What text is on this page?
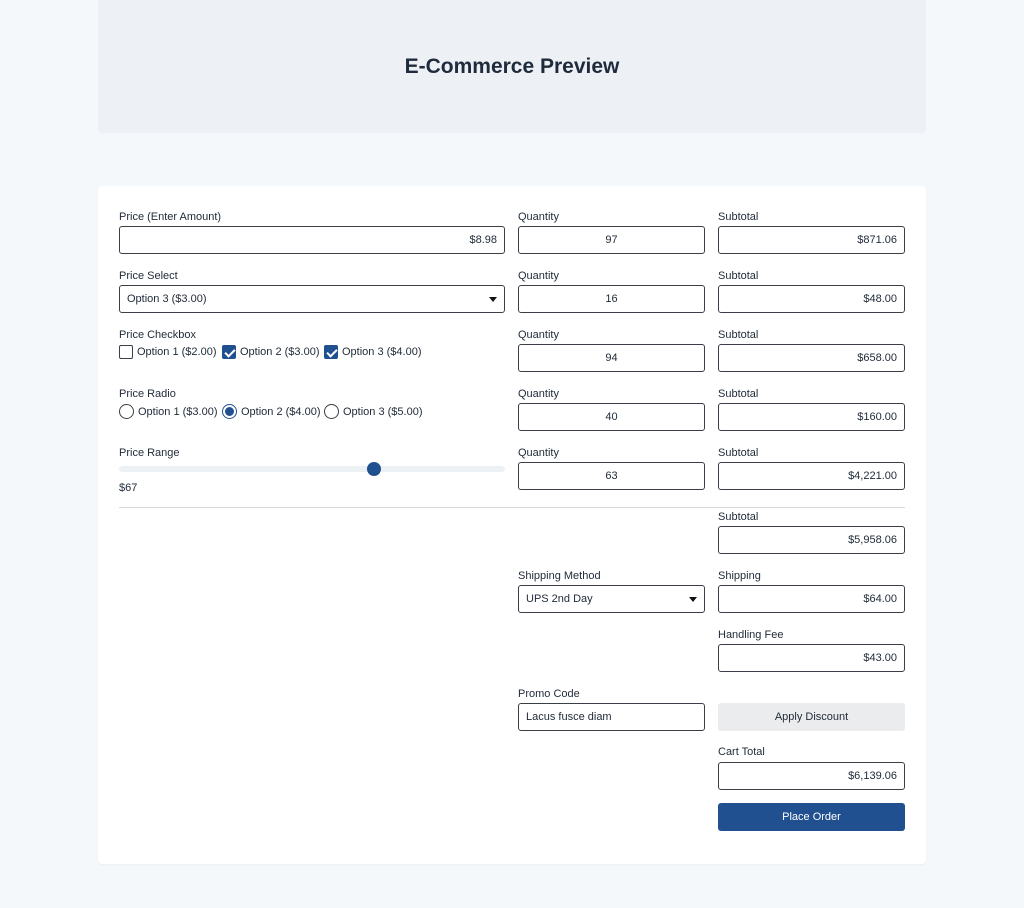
E-Commerce Preview
Price (Enter Amount)
$8.98
Price Select
Option 3 ($3.00)
Price Checkbox
Option 1 ($2.00) Option 2 ($3.00) Option 3 ($4.00)
Price Radio
Option 1 ($3.00) Option 2 ($4.00) Option 3 ($5.00)
Price Range
$67
Quantity
97
Quantity
16
Quantity
94
Quantity
40
Quantity
63
Subtotal
$871.06
Subtotal
$48.00
Subtotal
$658.00
Subtotal
$160.00
Subtotal
$4,221.00
Subtotal
$5,958.06
Shipping Method
UPS 2nd Day
Shipping
$64.00
Handling Fee
$43.00
Promo Code
Lacus fusce diam	Apply Discount
Cart Total
$6,139.06
Place Order
